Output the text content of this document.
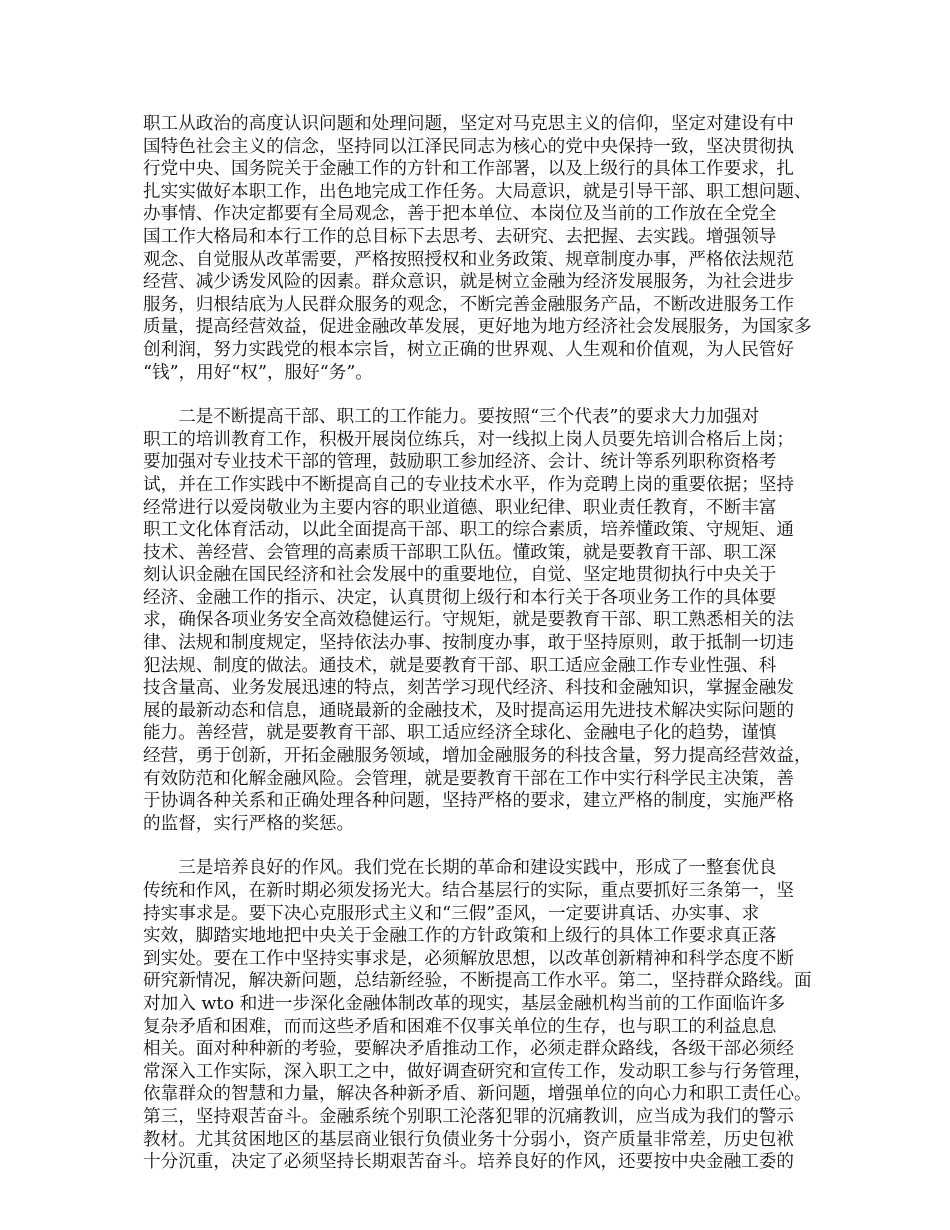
职工从政治的高度认识问题和处理问题，坚定对马克思主义的信仰，坚定对建设有中
国特色社会主义的信念，坚持同以江泽民同志为核心的党中央保持一致，坚决贯彻执
行党中央、国务院关于金融工作的方针和工作部署，以及上级行的具体工作要求，扎
扎实实做好本职工作，出色地完成工作任务。大局意识，就是引导干部、职工想问题、
办事情、作决定都要有全局观念，善于把本单位、本岗位及当前的工作放在全党全
国工作大格局和本行工作的总目标下去思考、去研究、去把握、去实践。增强领导
观念、自觉服从改革需要，严格按照授权和业务政策、规章制度办事，严格依法规范
经营、减少诱发风险的因素。群众意识，就是树立金融为经济发展服务，为社会进步
服务，归根结底为人民群众服务的观念，不断完善金融服务产品，不断改进服务工作
质量，提高经营效益，促进金融改革发展，更好地为地方经济社会发展服务，为国家多
创利润，努力实践党的根本宗旨，树立正确的世界观、人生观和价值观，为人民管好
“钱”，用好“权”，服好“务”。
　　二是不断提高干部、职工的工作能力。要按照“三个代表”的要求大力加强对
职工的培训教育工作，积极开展岗位练兵，对一线拟上岗人员要先培训合格后上岗；
要加强对专业技术干部的管理，鼓励职工参加经济、会计、统计等系列职称资格考
试，并在工作实践中不断提高自己的专业技术水平，作为竞聘上岗的重要依据；坚持
经常进行以爱岗敬业为主要内容的职业道德、职业纪律、职业责任教育，不断丰富
职工文化体育活动，以此全面提高干部、职工的综合素质，培养懂政策、守规矩、通
技术、善经营、会管理的高素质干部职工队伍。懂政策，就是要教育干部、职工深
刻认识金融在国民经济和社会发展中的重要地位，自觉、坚定地贯彻执行中央关于
经济、金融工作的指示、决定，认真贯彻上级行和本行关于各项业务工作的具体要
求，确保各项业务安全高效稳健运行。守规矩，就是要教育干部、职工熟悉相关的法
律、法规和制度规定，坚持依法办事、按制度办事，敢于坚持原则，敢于抵制一切违
犯法规、制度的做法。通技术，就是要教育干部、职工适应金融工作专业性强、科
技含量高、业务发展迅速的特点，刻苦学习现代经济、科技和金融知识，掌握金融发
展的最新动态和信息，通晓最新的金融技术，及时提高运用先进技术解决实际问题的
能力。善经营，就是要教育干部、职工适应经济全球化、金融电子化的趋势，谨慎
经营，勇于创新，开拓金融服务领域，增加金融服务的科技含量，努力提高经营效益，
有效防范和化解金融风险。会管理，就是要教育干部在工作中实行科学民主决策，善
于协调各种关系和正确处理各种问题，坚持严格的要求，建立严格的制度，实施严格
的监督，实行严格的奖惩。
　　三是培养良好的作风。我们党在长期的革命和建设实践中，形成了一整套优良
传统和作风，在新时期必须发扬光大。结合基层行的实际，重点要抓好三条第一，坚
持实事求是。要下决心克服形式主义和“三假”歪风，一定要讲真话、办实事、求
实效，脚踏实地地把中央关于金融工作的方针政策和上级行的具体工作要求真正落
到实处。要在工作中坚持实事求是，必须解放思想，以改革创新精神和科学态度不断
研究新情况，解决新问题，总结新经验，不断提高工作水平。第二，坚持群众路线。面
对加入 wto 和进一步深化金融体制改革的现实，基层金融机构当前的工作面临许多
复杂矛盾和困难，而而这些矛盾和困难不仅事关单位的生存，也与职工的利益息息
相关。面对种种新的考验，要解决矛盾推动工作，必须走群众路线，各级干部必须经
常深入工作实际，深入职工之中，做好调查研究和宣传工作，发动职工参与行务管理，
依靠群众的智慧和力量，解决各种新矛盾、新问题，增强单位的向心力和职工责任心。
第三，坚持艰苦奋斗。金融系统个别职工沦落犯罪的沉痛教训，应当成为我们的警示
教材。尤其贫困地区的基层商业银行负债业务十分弱小，资产质量非常差，历史包袱
十分沉重，决定了必须坚持长期艰苦奋斗。培养良好的作风，还要按中央金融工委的
